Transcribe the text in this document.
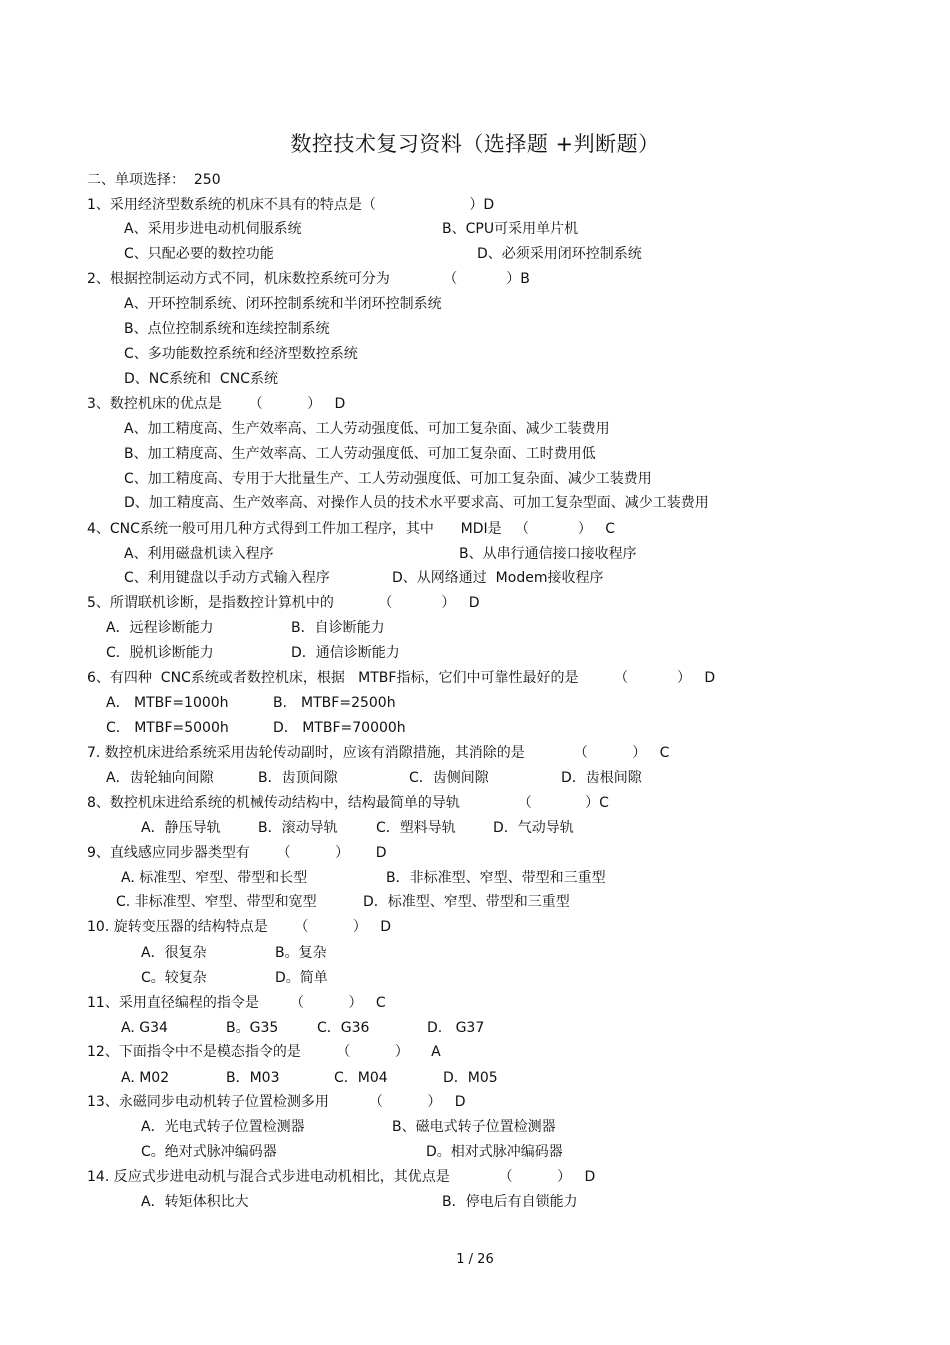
数控技术复习资料（选择题 +判断题）
二、单项选择：  250
1、采用经济型数系统的机床不具有的特点是（                     ）D
A、采用步进电动机伺服系统	B、CPU可采用单片机
C、只配必要的数控功能	D、必须采用闭环控制系统
2、根据控制运动方式不同，机床数控系统可分为            （           ）B
A、开环控制系统、闭环控制系统和半闭环控制系统
B、点位控制系统和连续控制系统
C、多功能数控系统和经济型数控系统
D、NC系统和  CNC系统
3、数控机床的优点是      （          ）   D
A、加工精度高、生产效率高、工人劳动强度低、可加工复杂面、减少工装费用
B、加工精度高、生产效率高、工人劳动强度低、可加工复杂面、工时费用低
C、加工精度高、专用于大批量生产、工人劳动强度低、可加工复杂面、减少工装费用
D、加工精度高、生产效率高、对操作人员的技术水平要求高、可加工复杂型面、减少工装费用
4、CNC系统一般可用几种方式得到工件加工程序，其中      MDI是   （           ）   C
A、利用磁盘机读入程序	B、从串行通信接口接收程序
C、利用键盘以手动方式输入程序	D、从网络通过  Modem接收程序
5、所谓联机诊断，是指数控计算机中的          （           ）   D
A．远程诊断能力	B．自诊断能力
C．脱机诊断能力	D．通信诊断能力
6、有四种  CNC系统或者数控机床，根据   MTBF指标，它们中可靠性最好的是        （           ）   D
A． MTBF=1000h	B． MTBF=2500h
C． MTBF=5000h	D． MTBF=70000h
7. 数控机床进给系统采用齿轮传动副时，应该有消隙措施，其消除的是           （          ）   C
A．齿轮轴向间隙	B．齿顶间隙	C．齿侧间隙	D．齿根间隙
8、数控机床进给系统的机械传动结构中，结构最简单的导轨             （            ）C
A．静压导轨	B．滚动导轨	C．塑料导轨	D．气动导轨
9、直线感应同步器类型有      （          ）      D
A. 标准型、窄型、带型和长型	B．非标准型、窄型、带型和三重型
C. 非标准型、窄型、带型和宽型	D．标准型、窄型、带型和三重型
10. 旋转变压器的结构特点是      （          ）   D
A．很复杂	B。复杂
C。较复杂	D。简单
11、采用直径编程的指令是       （          ）   C
A. G34	B。G35	C．G36	D.   G37
12、下面指令中不是模态指令的是        （          ）     A
A. M02	B．M03	C．M04	D．M05
13、永磁同步电动机转子位置检测多用         （          ）   D
A．光电式转子位置检测器	B、磁电式转子位置检测器
C。绝对式脉冲编码器	D。相对式脉冲编码器
14. 反应式步进电动机与混合式步进电动机相比，其优点是           （          ）   D
A．转矩体积比大	B．停电后有自锁能力
1 / 26
